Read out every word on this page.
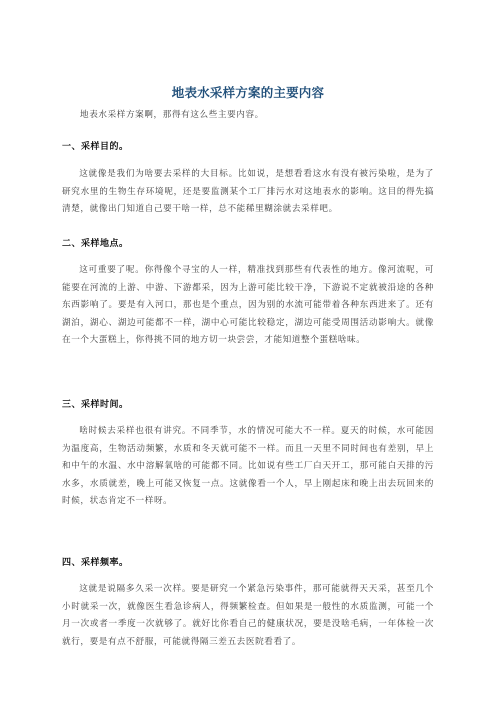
地表水采样方案的主要内容

地表水采样方案啊，那得有这么些主要内容。

一、采样目的。

这就像是我们为啥要去采样的大目标。比如说，是想看看这水有没有被污染啦，是为了研究水里的生物生存环境呢，还是要监测某个工厂排污水对这地表水的影响。这目的得先搞清楚，就像出门知道自己要干啥一样，总不能稀里糊涂就去采样吧。

二、采样地点。

这可重要了呢。你得像个寻宝的人一样，精准找到那些有代表性的地方。像河流呢，可能要在河流的上游、中游、下游都采，因为上游可能比较干净，下游说不定就被沿途的各种东西影响了。要是有入河口，那也是个重点，因为别的水流可能带着各种东西进来了。还有湖泊，湖心、湖边可能都不一样，湖中心可能比较稳定，湖边可能受周围活动影响大。就像在一个大蛋糕上，你得挑不同的地方切一块尝尝，才能知道整个蛋糕啥味。

三、采样时间。

啥时候去采样也很有讲究。不同季节，水的情况可能大不一样。夏天的时候，水可能因为温度高，生物活动频繁，水质和冬天就可能不一样。而且一天里不同时间也有差别，早上和中午的水温、水中溶解氧啥的可能都不同。比如说有些工厂白天开工，那可能白天排的污水多，水质就差，晚上可能又恢复一点。这就像看一个人，早上刚起床和晚上出去玩回来的时候，状态肯定不一样呀。

四、采样频率。

这就是说隔多久采一次样。要是研究一个紧急污染事件，那可能就得天天采，甚至几个小时就采一次，就像医生看急诊病人，得频繁检查。但如果是一般性的水质监测，可能一个月一次或者一季度一次就够了。就好比你看自己的健康状况，要是没啥毛病，一年体检一次就行，要是有点不舒服，可能就得隔三差五去医院看看了。
